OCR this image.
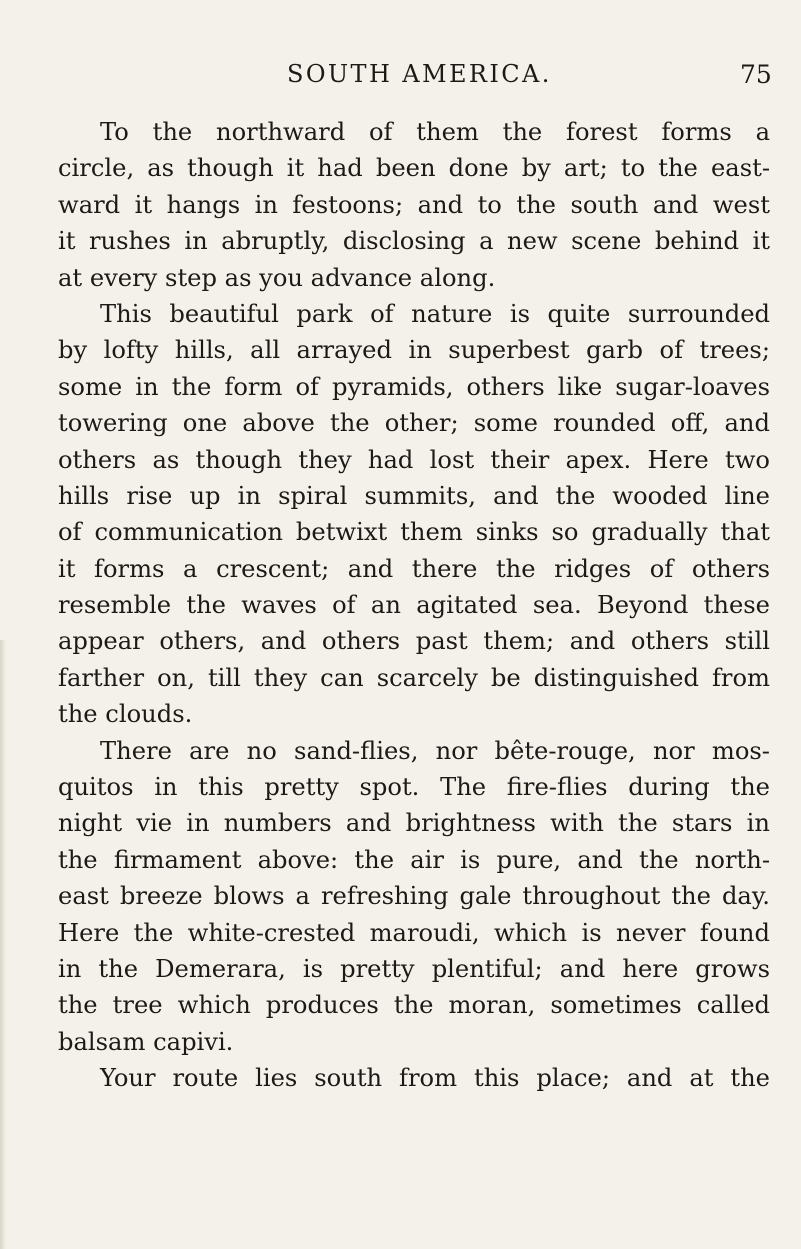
SOUTH AMERICA.	75
To the northward of them the forest forms a
circle, as though it had been done by art; to the east-
ward it hangs in festoons; and to the south and west
it rushes in abruptly, disclosing a new scene behind it
at every step as you advance along.
This beautiful park of nature is quite surrounded
by lofty hills, all arrayed in superbest garb of trees;
some in the form of pyramids, others like sugar-loaves
towering one above the other; some rounded off, and
others as though they had lost their apex. Here two
hills rise up in spiral summits, and the wooded line
of communication betwixt them sinks so gradually that
it forms a crescent; and there the ridges of others
resemble the waves of an agitated sea. Beyond these
appear others, and others past them; and others still
farther on, till they can scarcely be distinguished from
the clouds.
There are no sand-flies, nor bête-rouge, nor mos-
quitos in this pretty spot. The fire-flies during the
night vie in numbers and brightness with the stars in
the firmament above: the air is pure, and the north-
east breeze blows a refreshing gale throughout the day.
Here the white-crested maroudi, which is never found
in the Demerara, is pretty plentiful; and here grows
the tree which produces the moran, sometimes called
balsam capivi.
Your route lies south from this place; and at the
